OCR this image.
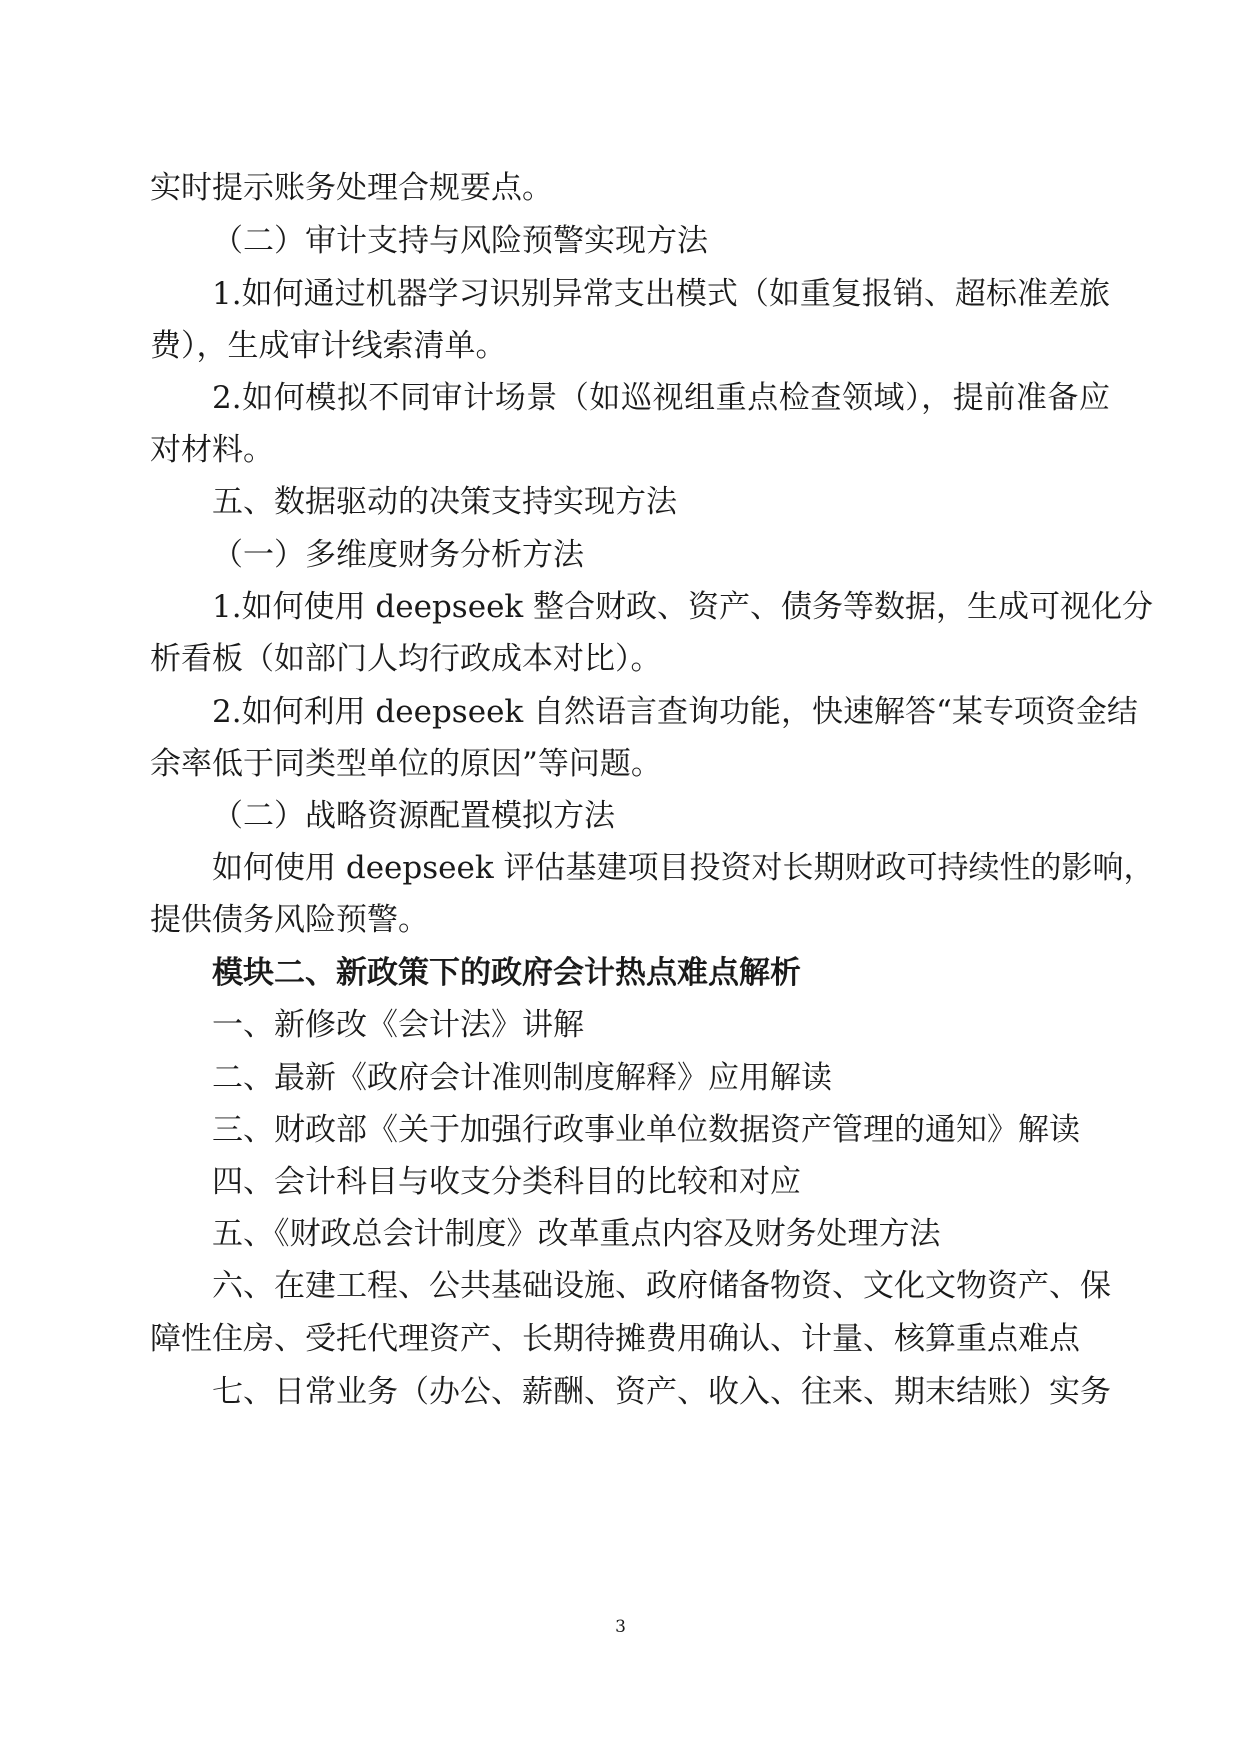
实时提示账务处理合规要点。
（二）审计支持与风险预警实现方法
1.如何通过机器学习识别异常支出模式（如重复报销、超标准差旅
费），生成审计线索清单。
2.如何模拟不同审计场景（如巡视组重点检查领域），提前准备应
对材料。
五、数据驱动的决策支持实现方法
（一）多维度财务分析方法
1.如何使用 deepseek 整合财政、资产、债务等数据，生成可视化分
析看板（如部门人均行政成本对比）。
2.如何利用 deepseek 自然语言查询功能，快速解答“某专项资金结
余率低于同类型单位的原因”等问题。
（二）战略资源配置模拟方法
如何使用 deepseek 评估基建项目投资对长期财政可持续性的影响，
提供债务风险预警。
模块二、新政策下的政府会计热点难点解析
一、新修改《会计法》讲解
二、最新《政府会计准则制度解释》应用解读
三、财政部《关于加强行政事业单位数据资产管理的通知》解读
四、会计科目与收支分类科目的比较和对应
五、《财政总会计制度》改革重点内容及财务处理方法
六、在建工程、公共基础设施、政府储备物资、文化文物资产、保
障性住房、受托代理资产、长期待摊费用确认、计量、核算重点难点
七、日常业务（办公、薪酬、资产、收入、往来、期末结账）实务
3
